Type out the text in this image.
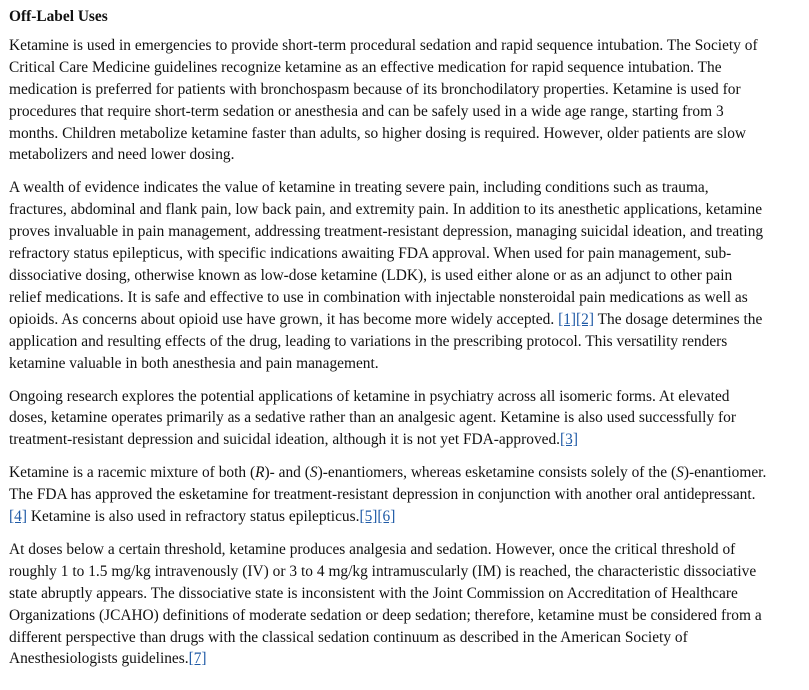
Off-Label Uses

Ketamine is used in emergencies to provide short-term procedural sedation and rapid sequence intubation. The Society of Critical Care Medicine guidelines recognize ketamine as an effective medication for rapid sequence intubation. The medication is preferred for patients with bronchospasm because of its bronchodilatory properties. Ketamine is used for procedures that require short-term sedation or anesthesia and can be safely used in a wide age range, starting from 3 months. Children metabolize ketamine faster than adults, so higher dosing is required. However, older patients are slow metabolizers and need lower dosing.

A wealth of evidence indicates the value of ketamine in treating severe pain, including conditions such as trauma, fractures, abdominal and flank pain, low back pain, and extremity pain. In addition to its anesthetic applications, ketamine proves invaluable in pain management, addressing treatment-resistant depression, managing suicidal ideation, and treating refractory status epilepticus, with specific indications awaiting FDA approval. When used for pain management, sub-dissociative dosing, otherwise known as low-dose ketamine (LDK), is used either alone or as an adjunct to other pain relief medications. It is safe and effective to use in combination with injectable nonsteroidal pain medications as well as opioids. As concerns about opioid use have grown, it has become more widely accepted. [1][2] The dosage determines the application and resulting effects of the drug, leading to variations in the prescribing protocol. This versatility renders ketamine valuable in both anesthesia and pain management.

Ongoing research explores the potential applications of ketamine in psychiatry across all isomeric forms. At elevated doses, ketamine operates primarily as a sedative rather than an analgesic agent. Ketamine is also used successfully for treatment-resistant depression and suicidal ideation, although it is not yet FDA-approved.[3]

Ketamine is a racemic mixture of both (R)- and (S)-enantiomers, whereas esketamine consists solely of the (S)-enantiomer. The FDA has approved the esketamine for treatment-resistant depression in conjunction with another oral antidepressant.[4] Ketamine is also used in refractory status epilepticus.[5][6]

At doses below a certain threshold, ketamine produces analgesia and sedation. However, once the critical threshold of roughly 1 to 1.5 mg/kg intravenously (IV) or 3 to 4 mg/kg intramuscularly (IM) is reached, the characteristic dissociative state abruptly appears. The dissociative state is inconsistent with the Joint Commission on Accreditation of Healthcare Organizations (JCAHO) definitions of moderate sedation or deep sedation; therefore, ketamine must be considered from a different perspective than drugs with the classical sedation continuum as described in the American Society of Anesthesiologists guidelines.[7]
